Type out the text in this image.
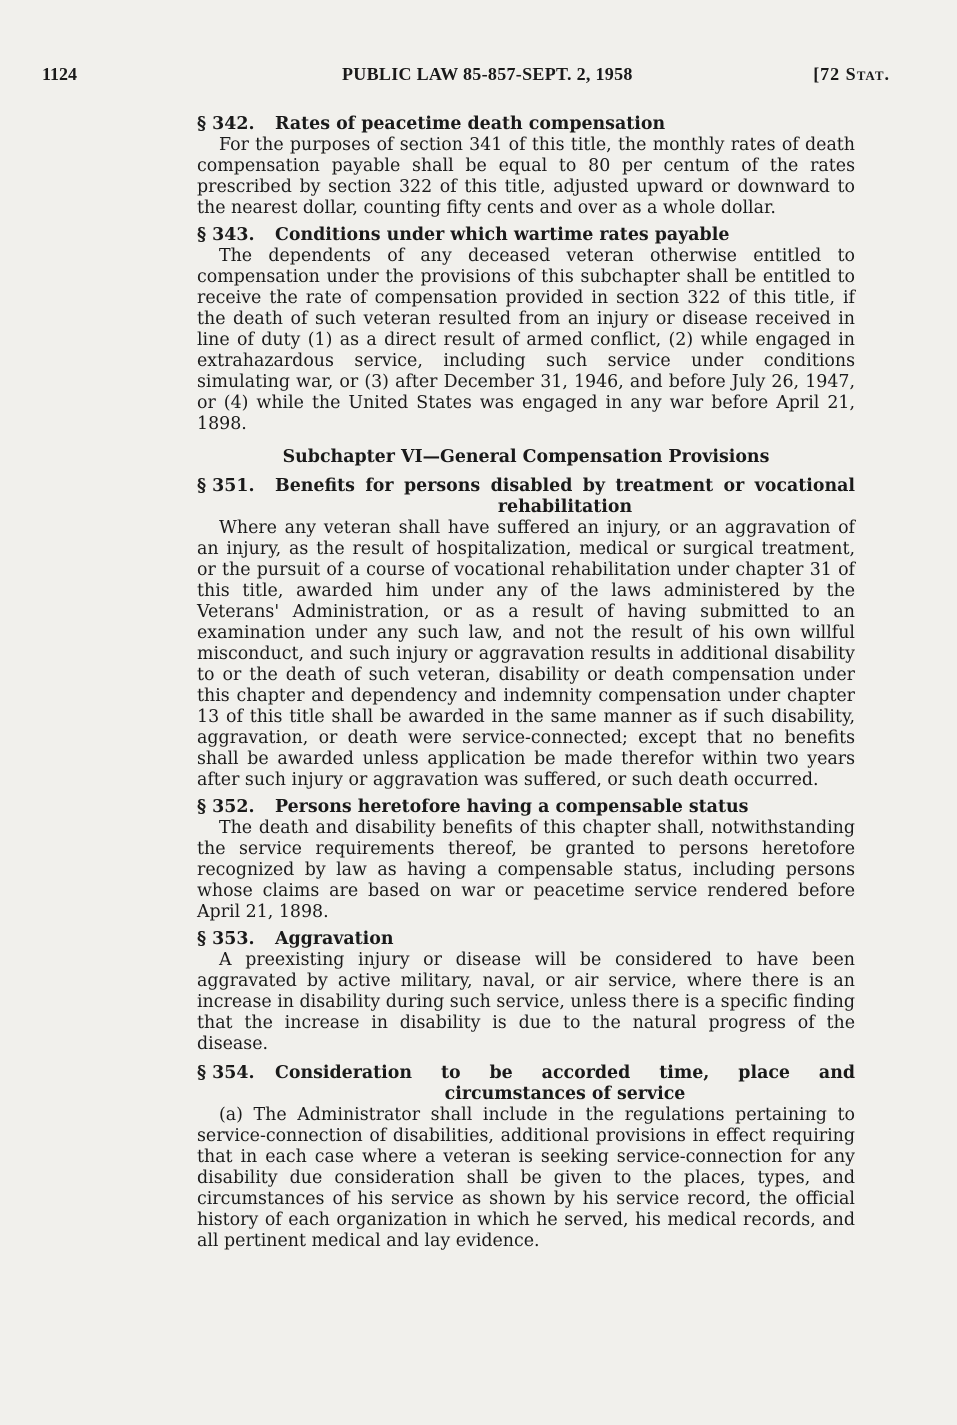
1124	PUBLIC LAW 85-857-SEPT. 2, 1958	[72 Stat.
§ 342.	Rates of peacetime death compensation

For the purposes of section 341 of this title, the monthly rates of death compensation payable shall be equal to 80 per centum of the rates prescribed by section 322 of this title, adjusted upward or downward to the nearest dollar, counting fifty cents and over as a whole dollar.

§ 343.	Conditions under which wartime rates payable

The dependents of any deceased veteran otherwise entitled to compensation under the provisions of this subchapter shall be entitled to receive the rate of compensation provided in section 322 of this title, if the death of such veteran resulted from an injury or disease received in line of duty (1) as a direct result of armed conflict, (2) while engaged in extrahazardous service, including such service under conditions simulating war, or (3) after December 31, 1946, and before July 26, 1947, or (4) while the United States was engaged in any war before April 21, 1898.

Subchapter VI—General Compensation Provisions
§ 351.	Benefits for persons disabled by treatment or vocational rehabilitation

Where any veteran shall have suffered an injury, or an aggravation of an injury, as the result of hospitalization, medical or surgical treatment, or the pursuit of a course of vocational rehabilitation under chapter 31 of this title, awarded him under any of the laws administered by the Veterans' Administration, or as a result of having submitted to an examination under any such law, and not the result of his own willful misconduct, and such injury or aggravation results in additional disability to or the death of such veteran, disability or death compensation under this chapter and dependency and indemnity compensation under chapter 13 of this title shall be awarded in the same manner as if such disability, aggravation, or death were service-connected; except that no benefits shall be awarded unless application be made therefor within two years after such injury or aggravation was suffered, or such death occurred.

§ 352.	Persons heretofore having a compensable status

The death and disability benefits of this chapter shall, notwithstanding the service requirements thereof, be granted to persons heretofore recognized by law as having a compensable status, including persons whose claims are based on war or peacetime service rendered before April 21, 1898.

§ 353.	Aggravation

A preexisting injury or disease will be considered to have been aggravated by active military, naval, or air service, where there is an increase in disability during such service, unless there is a specific finding that the increase in disability is due to the natural progress of the disease.

§ 354.	Consideration to be accorded time, place and circumstances of service

(a) The Administrator shall include in the regulations pertaining to service-connection of disabilities, additional provisions in effect requiring that in each case where a veteran is seeking service-connection for any disability due consideration shall be given to the places, types, and circumstances of his service as shown by his service record, the official history of each organization in which he served, his medical records, and all pertinent medical and lay evidence.
